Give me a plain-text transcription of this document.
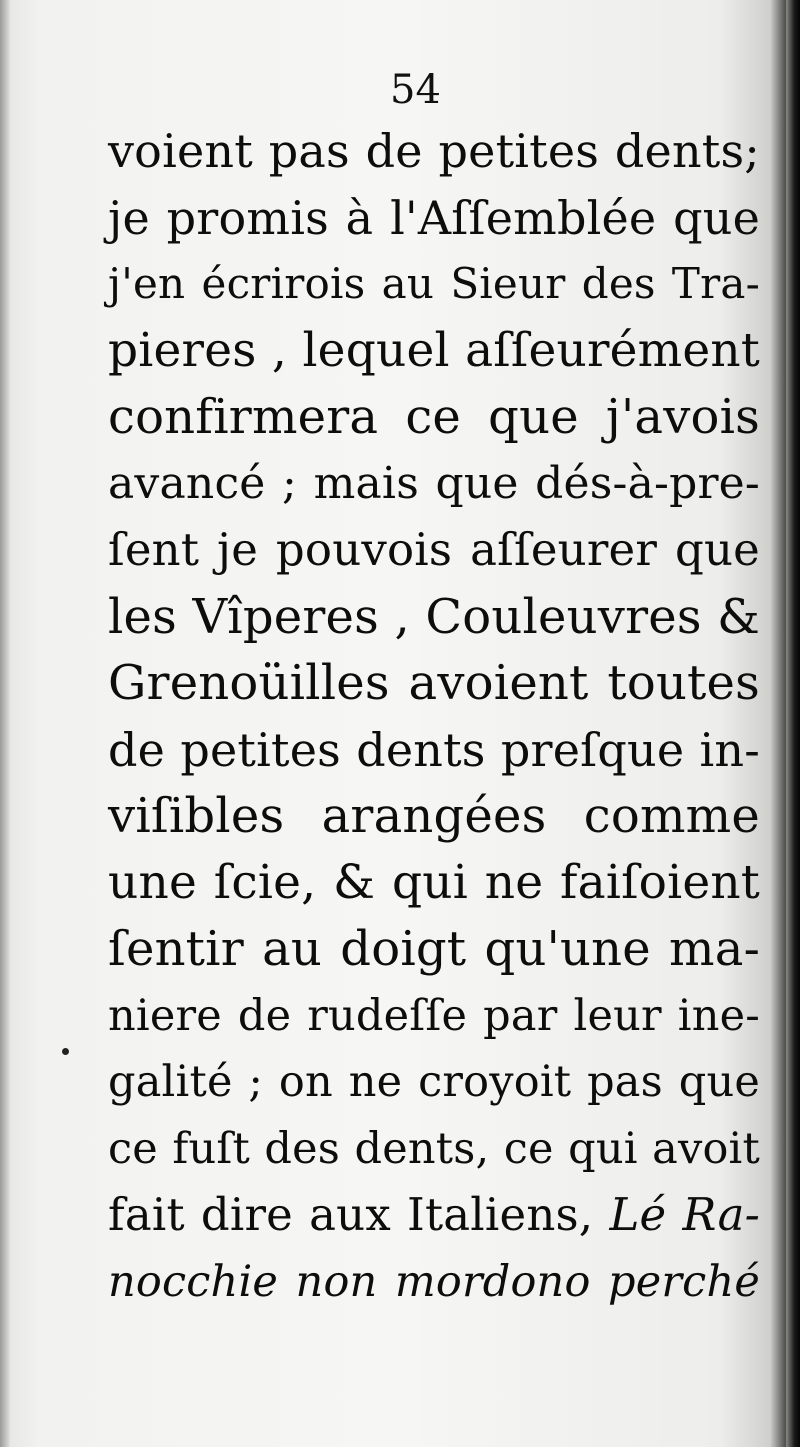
54
voient pas de petites dents;
je promis à l'Aſſemblée que
j'en écrirois au Sieur des Tra-
pieres , lequel aſſeurément
confirmera ce que j'avois
avancé ; mais que dés-à-pre-
ſent je pouvois aſſeurer que
les Vîperes , Couleuvres &
Grenoüilles avoient toutes
de petites dents preſque in-
viſibles arangées comme
une ſcie, & qui ne faiſoient
ſentir au doigt qu'une ma-
niere de rudeſſe par leur ine-
galité ; on ne croyoit pas que
ce fuſt des dents, ce qui avoit
fait dire aux Italiens, Lé Ra-
nocchie non mordono perché
